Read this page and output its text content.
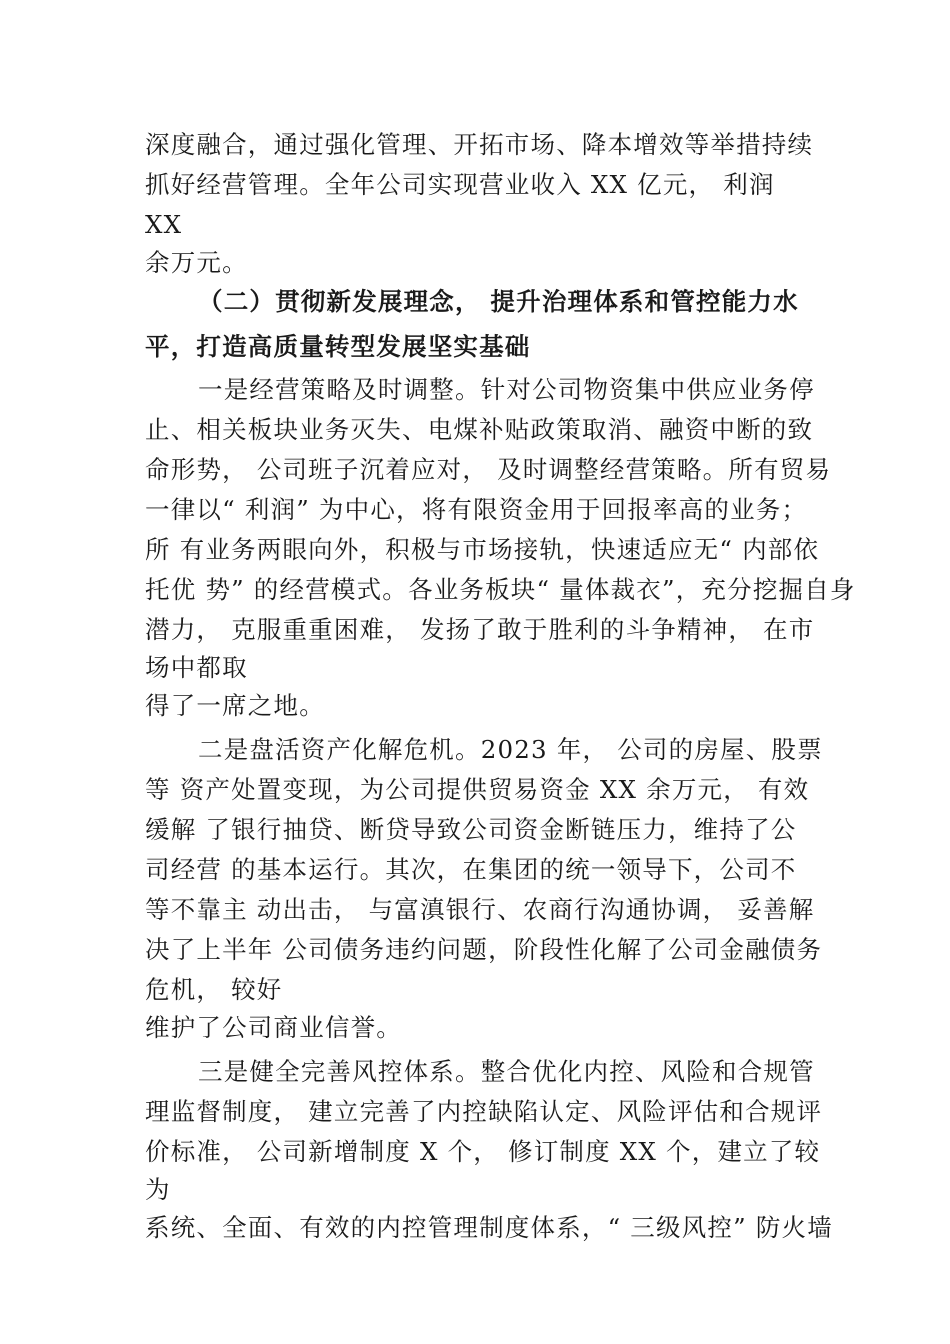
深度融合，通过强化管理、开拓市场、降本增效等举措持续
抓好经营管理。全年公司实现营业收入 XX 亿元， 利润
XX
余万元。
（二）贯彻新发展理念， 提升治理体系和管控能力水
平，打造高质量转型发展坚实基础
一是经营策略及时调整。针对公司物资集中供应业务停
止、相关板块业务灭失、电煤补贴政策取消、融资中断的致
命形势， 公司班子沉着应对， 及时调整经营策略。所有贸易
一律以“ 利润” 为中心，将有限资金用于回报率高的业务；
所 有业务两眼向外，积极与市场接轨，快速适应无“ 内部依
托优 势” 的经营模式。各业务板块“ 量体裁衣”，充分挖掘自身
潜力， 克服重重困难， 发扬了敢于胜利的斗争精神， 在市
场中都取
得了一席之地。
二是盘活资产化解危机。2023 年， 公司的房屋、股票
等 资产处置变现，为公司提供贸易资金 XX 余万元， 有效
缓解 了银行抽贷、断贷导致公司资金断链压力，维持了公
司经营 的基本运行。其次，在集团的统一领导下，公司不
等不靠主 动出击， 与富滇银行、农商行沟通协调， 妥善解
决了上半年 公司债务违约问题，阶段性化解了公司金融债务
危机， 较好
维护了公司商业信誉。
三是健全完善风控体系。整合优化内控、风险和合规管
理监督制度， 建立完善了内控缺陷认定、风险评估和合规评
价标准， 公司新增制度 X 个， 修订制度 XX 个，建立了较
为
系统、全面、有效的内控管理制度体系，“ 三级风控” 防火墙
